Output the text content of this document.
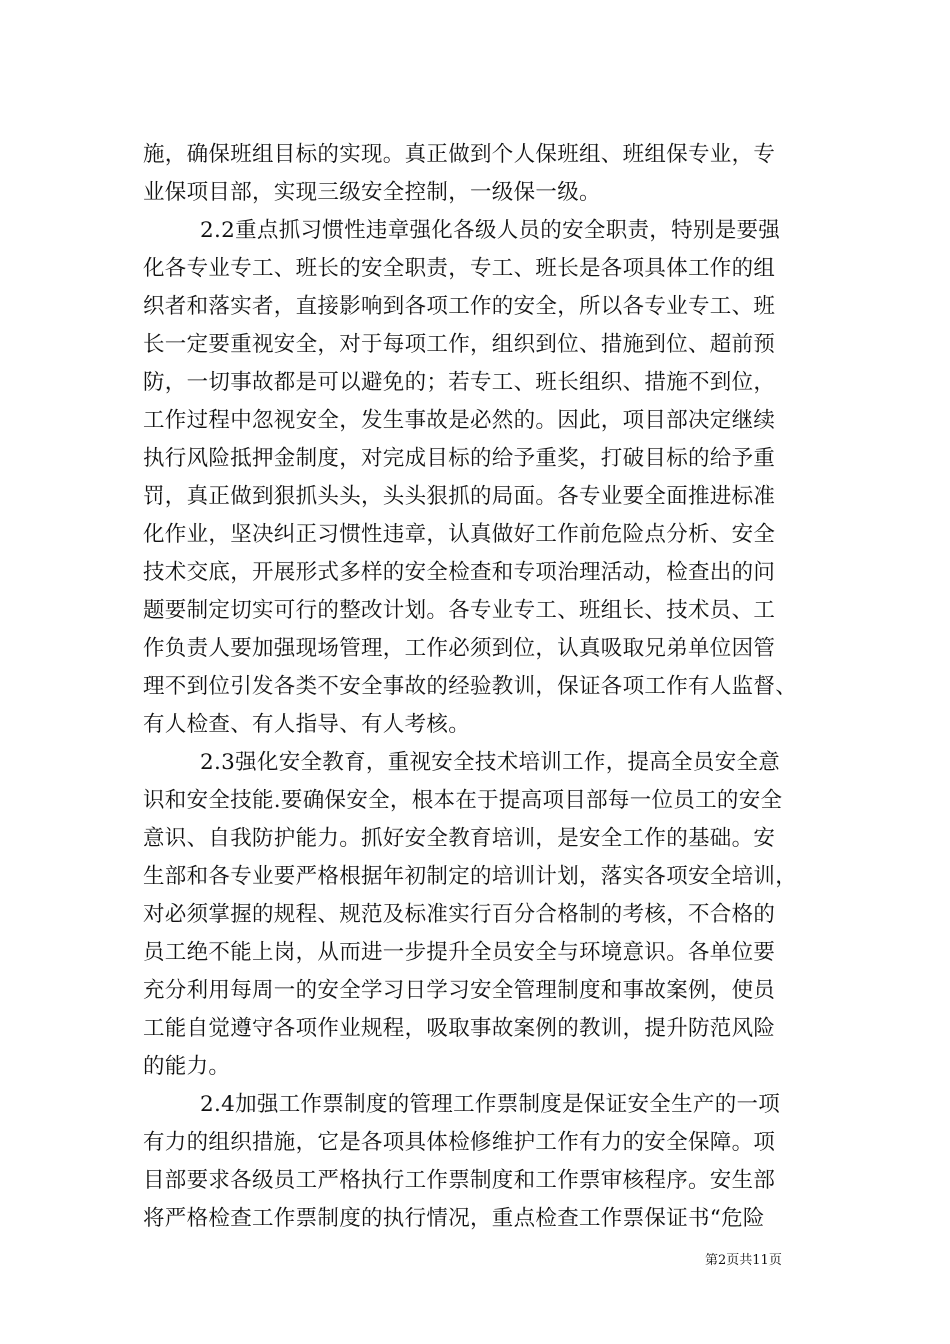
施，确保班组目标的实现。真正做到个人保班组、班组保专业，专
业保项目部，实现三级安全控制，一级保一级。
2.2重点抓习惯性违章强化各级人员的安全职责，特别是要强
化各专业专工、班长的安全职责，专工、班长是各项具体工作的组
织者和落实者，直接影响到各项工作的安全，所以各专业专工、班
长一定要重视安全，对于每项工作，组织到位、措施到位、超前预
防，一切事故都是可以避免的；若专工、班长组织、措施不到位，
工作过程中忽视安全，发生事故是必然的。因此，项目部决定继续
执行风险抵押金制度，对完成目标的给予重奖，打破目标的给予重
罚，真正做到狠抓头头，头头狠抓的局面。各专业要全面推进标准
化作业，坚决纠正习惯性违章，认真做好工作前危险点分析、安全
技术交底，开展形式多样的安全检查和专项治理活动，检查出的问
题要制定切实可行的整改计划。各专业专工、班组长、技术员、工
作负责人要加强现场管理，工作必须到位，认真吸取兄弟单位因管
理不到位引发各类不安全事故的经验教训，保证各项工作有人监督、
有人检查、有人指导、有人考核。
2.3强化安全教育，重视安全技术培训工作，提高全员安全意
识和安全技能.要确保安全，根本在于提高项目部每一位员工的安全
意识、自我防护能力。抓好安全教育培训，是安全工作的基础。安
生部和各专业要严格根据年初制定的培训计划，落实各项安全培训，
对必须掌握的规程、规范及标准实行百分合格制的考核，不合格的
员工绝不能上岗，从而进一步提升全员安全与环境意识。各单位要
充分利用每周一的安全学习日学习安全管理制度和事故案例，使员
工能自觉遵守各项作业规程，吸取事故案例的教训，提升防范风险
的能力。
2.4加强工作票制度的管理工作票制度是保证安全生产的一项
有力的组织措施，它是各项具体检修维护工作有力的安全保障。项
目部要求各级员工严格执行工作票制度和工作票审核程序。安生部
将严格检查工作票制度的执行情况，重点检查工作票保证书“危险
第2页共11页
